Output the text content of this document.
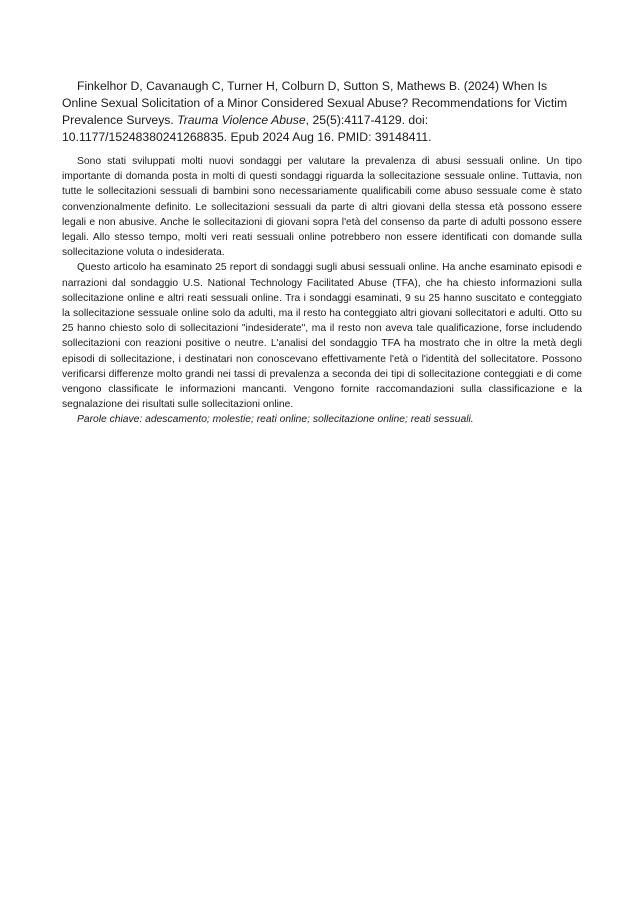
Finkelhor D, Cavanaugh C, Turner H, Colburn D, Sutton S, Mathews B. (2024) When Is Online Sexual Solicitation of a Minor Considered Sexual Abuse? Recommendations for Victim Prevalence Surveys. Trauma Violence Abuse, 25(5):4117-4129. doi: 10.1177/15248380241268835. Epub 2024 Aug 16. PMID: 39148411.

Sono stati sviluppati molti nuovi sondaggi per valutare la prevalenza di abusi sessuali online. Un tipo importante di domanda posta in molti di questi sondaggi riguarda la sollecitazione sessuale online. Tuttavia, non tutte le sollecitazioni sessuali di bambini sono necessariamente qualificabili come abuso sessuale come è stato convenzionalmente definito. Le sollecitazioni sessuali da parte di altri giovani della stessa età possono essere legali e non abusive. Anche le sollecitazioni di giovani sopra l'età del consenso da parte di adulti possono essere legali. Allo stesso tempo, molti veri reati sessuali online potrebbero non essere identificati con domande sulla sollecitazione voluta o indesiderata.

Questo articolo ha esaminato 25 report di sondaggi sugli abusi sessuali online. Ha anche esaminato episodi e narrazioni dal sondaggio U.S. National Technology Facilitated Abuse (TFA), che ha chiesto informazioni sulla sollecitazione online e altri reati sessuali online. Tra i sondaggi esaminati, 9 su 25 hanno suscitato e conteggiato la sollecitazione sessuale online solo da adulti, ma il resto ha conteggiato altri giovani sollecitatori e adulti. Otto su 25 hanno chiesto solo di sollecitazioni "indesiderate", ma il resto non aveva tale qualificazione, forse includendo sollecitazioni con reazioni positive o neutre. L'analisi del sondaggio TFA ha mostrato che in oltre la metà degli episodi di sollecitazione, i destinatari non conoscevano effettivamente l'età o l'identità del sollecitatore. Possono verificarsi differenze molto grandi nei tassi di prevalenza a seconda dei tipi di sollecitazione conteggiati e di come vengono classificate le informazioni mancanti. Vengono fornite raccomandazioni sulla classificazione e la segnalazione dei risultati sulle sollecitazioni online.

Parole chiave: adescamento; molestie; reati online; sollecitazione online; reati sessuali.
